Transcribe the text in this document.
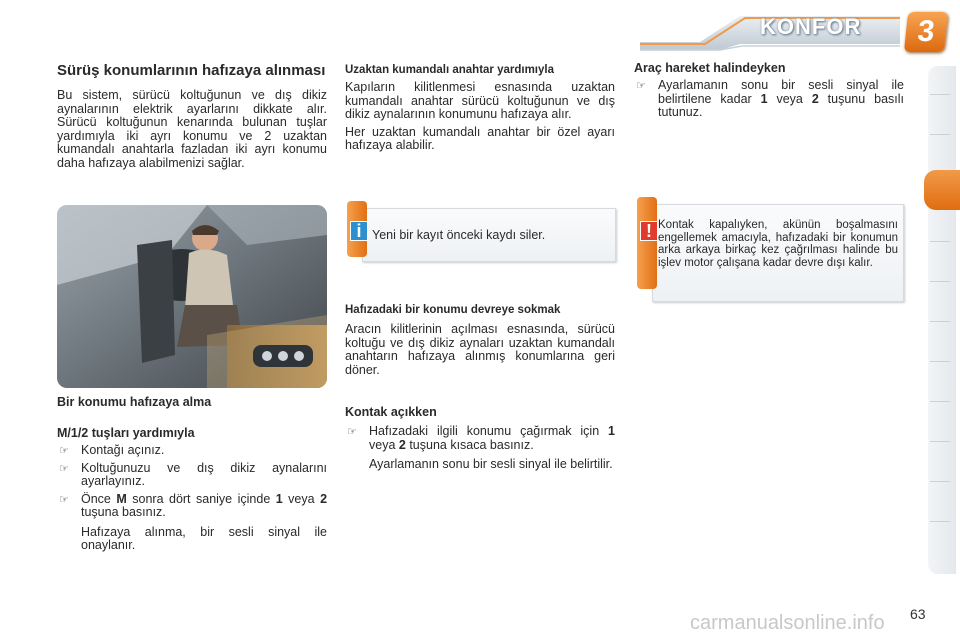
KONFOR	3
Sürüş konumlarının hafızaya alınması

Bu sistem, sürücü koltuğunun ve dış dikiz aynalarının elektrik ayarlarını dikkate alır. Sürücü koltuğunun kenarında bulunan tuşlar yardımıyla iki ayrı konumu ve 2 uzaktan kumandalı anahtarla fazladan iki ayrı konumu daha hafızaya alabilmenizi sağlar.

Bir konumu hafızaya alma
M/1/2 tuşları yardımıyla
☞ Kontağı açınız.
☞ Koltuğunuzu ve dış dikiz aynalarını ayarlayınız.
☞ Önce M sonra dört saniye içinde 1 veya 2 tuşuna basınız.

Hafızaya alınma, bir sesli sinyal ile onaylanır.

Uzaktan kumandalı anahtar yardımıyla

Kapıların kilitlenmesi esnasında uzaktan kumandalı anahtar sürücü koltuğunun ve dış dikiz aynalarının konumunu hafızaya alır.

Her uzaktan kumandalı anahtar bir özel ayarı hafızaya alabilir.

i Yeni bir kayıt önceki kaydı siler.

Hafızadaki bir konumu devreye sokmak

Aracın kilitlerinin açılması esnasında, sürücü koltuğu ve dış dikiz aynaları uzaktan kumandalı anahtarın hafızaya alınmış konumlarına geri döner.

Kontak açıkken
☞ Hafızadaki ilgili konumu çağırmak için 1 veya 2 tuşuna kısaca basınız.

Ayarlamanın sonu bir sesli sinyal ile belirtilir.

Araç hareket halindeyken
☞ Ayarlamanın sonu bir sesli sinyal ile belirtilene kadar 1 veya 2 tuşunu basılı tutunuz.
! Kontak kapalıyken, akünün boşalmasını engellemek amacıyla, hafızadaki bir konumun arka arkaya birkaç kez çağrılması halinde bu işlev motor çalışana kadar devre dışı kalır.

63
carmanualsonline.info
